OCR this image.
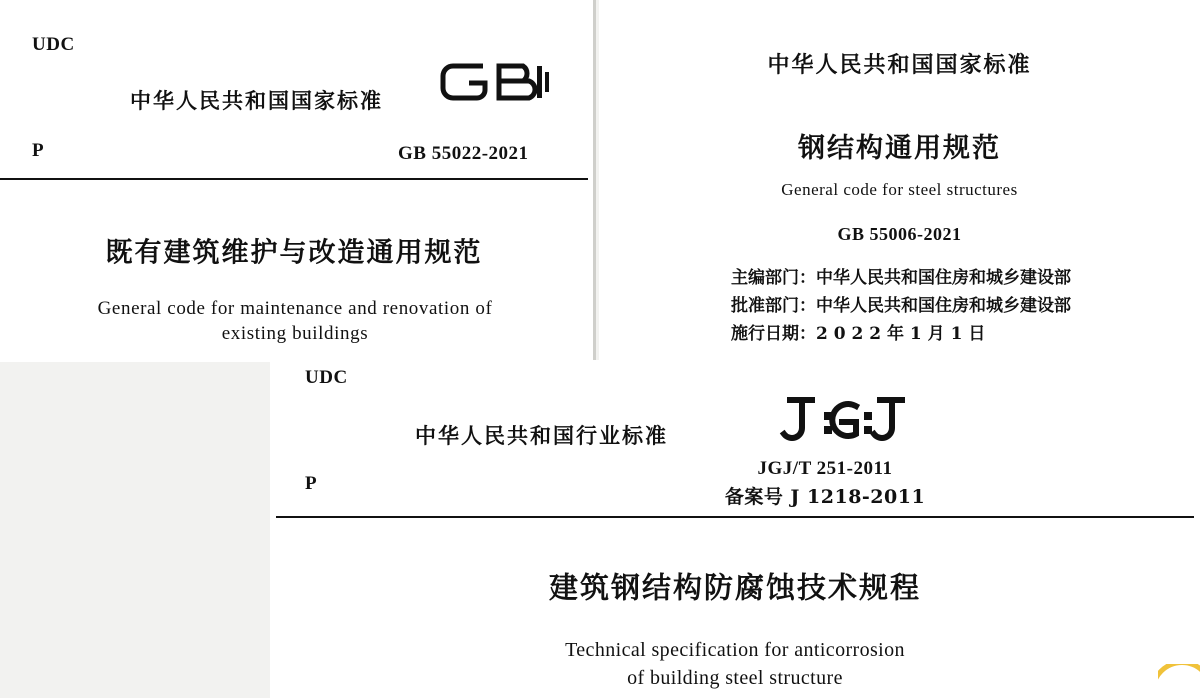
UDC
P
中华人民共和国国家标准
GB 55022-2021
既有建筑维护与改造通用规范
General code for maintenance and renovation of
existing buildings
中华人民共和国国家标准
钢结构通用规范
General code for steel structures
GB 55006-2021
主编部门：中华人民共和国住房和城乡建设部
批准部门：中华人民共和国住房和城乡建设部
施行日期：2 0 2 2 年 1 月 1 日
UDC
P
中华人民共和国行业标准
JGJ/T 251-2011
备案号 J 1218-2011
建筑钢结构防腐蚀技术规程
Technical specification for anticorrosion
of building steel structure
